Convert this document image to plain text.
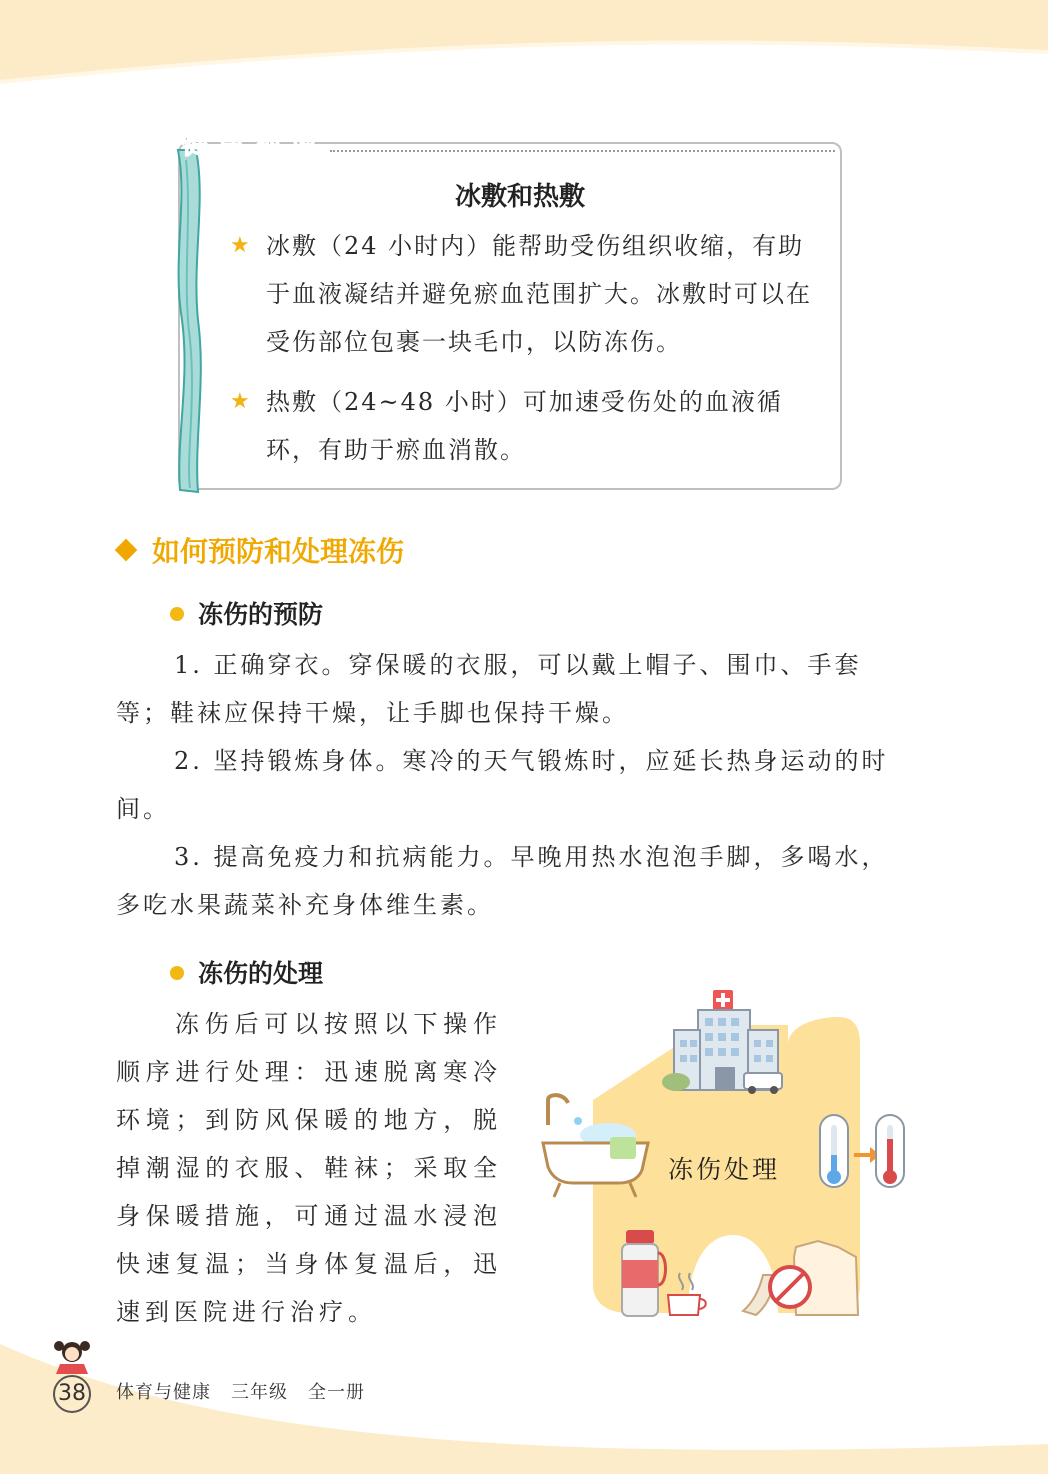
健康视窗
冰敷和热敷
★ 冰敷（24 小时内）能帮助受伤组织收缩，有助于血液凝结并避免瘀血范围扩大。冰敷时可以在受伤部位包裹一块毛巾，以防冻伤。
★ 热敷（24~48 小时）可加速受伤处的血液循环，有助于瘀血消散。
如何预防和处理冻伤
冻伤的预防
1. 正确穿衣。穿保暖的衣服，可以戴上帽子、围巾、手套等；鞋袜应保持干燥，让手脚也保持干燥。
2. 坚持锻炼身体。寒冷的天气锻炼时，应延长热身运动的时间。
3. 提高免疫力和抗病能力。早晚用热水泡泡手脚，多喝水，多吃水果蔬菜补充身体维生素。
冻伤的处理
冻伤后可以按照以下操作顺序进行处理：迅速脱离寒冷环境；到防风保暖的地方，脱掉潮湿的衣服、鞋袜；采取全身保暖措施，可通过温水浸泡快速复温；当身体复温后，迅速到医院进行治疗。
冻伤处理
38	体育与健康 三年级 全一册
